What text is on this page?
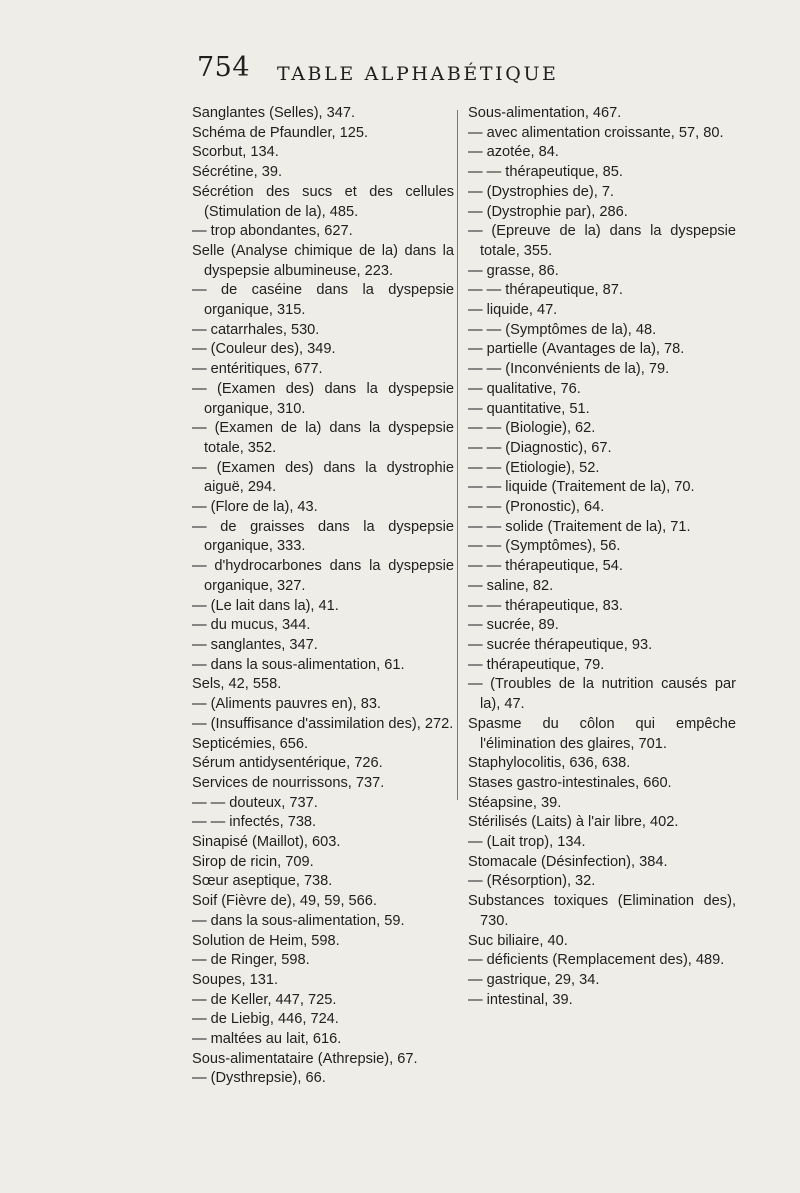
754 TABLE ALPHABÉTIQUE

Sanglantes (Selles), 347.

Schéma de Pfaundler, 125.

Scorbut, 134.

Sécrétine, 39.

Sécrétion des sucs et des cellules (Stimulation de la), 485.

— trop abondantes, 627.

Selle (Analyse chimique de la) dans la dyspepsie albumineuse, 223.

— de caséine dans la dyspepsie organique, 315.

— catarrhales, 530.

— (Couleur des), 349.

— entéritiques, 677.

— (Examen des) dans la dyspepsie organique, 310.

— (Examen de la) dans la dyspepsie totale, 352.

— (Examen des) dans la dystrophie aiguë, 294.

— (Flore de la), 43.

— de graisses dans la dyspepsie organique, 333.

— d'hydrocarbones dans la dyspepsie organique, 327.

— (Le lait dans la), 41.

— du mucus, 344.

— sanglantes, 347.

— dans la sous-alimentation, 61.

Sels, 42, 558.

— (Aliments pauvres en), 83.

— (Insuffisance d'assimilation des), 272.

Septicémies, 656.

Sérum antidysentérique, 726.

Services de nourrissons, 737.

— — douteux, 737.

— — infectés, 738.

Sinapisé (Maillot), 603.

Sirop de ricin, 709.

Sœur aseptique, 738.

Soif (Fièvre de), 49, 59, 566.

— dans la sous-alimentation, 59.

Solution de Heim, 598.

— de Ringer, 598.

Soupes, 131.

— de Keller, 447, 725.

— de Liebig, 446, 724.

— maltées au lait, 616.

Sous-alimentataire (Athrepsie), 67.

— (Dysthrepsie), 66.

Sous-alimentation, 467.

— avec alimentation croissante, 57, 80.

— azotée, 84.

— — thérapeutique, 85.

— (Dystrophies de), 7.

— (Dystrophie par), 286.

— (Epreuve de la) dans la dyspepsie totale, 355.

— grasse, 86.

— — thérapeutique, 87.

— liquide, 47.

— — (Symptômes de la), 48.

— partielle (Avantages de la), 78.

— — (Inconvénients de la), 79.

— qualitative, 76.

— quantitative, 51.

— — (Biologie), 62.

— — (Diagnostic), 67.

— — (Etiologie), 52.

— — liquide (Traitement de la), 70.

— — (Pronostic), 64.

— — solide (Traitement de la), 71.

— — (Symptômes), 56.

— — thérapeutique, 54.

— saline, 82.

— — thérapeutique, 83.

— sucrée, 89.

— sucrée thérapeutique, 93.

— thérapeutique, 79.

— (Troubles de la nutrition causés par la), 47.

Spasme du côlon qui empêche l'élimination des glaires, 701.

Staphylocolitis, 636, 638.

Stases gastro-intestinales, 660.

Stéapsine, 39.

Stérilisés (Laits) à l'air libre, 402.

— (Lait trop), 134.

Stomacale (Désinfection), 384.

— (Résorption), 32.

Substances toxiques (Elimination des), 730.

Suc biliaire, 40.

— déficients (Remplacement des), 489.

— gastrique, 29, 34.

— intestinal, 39.
